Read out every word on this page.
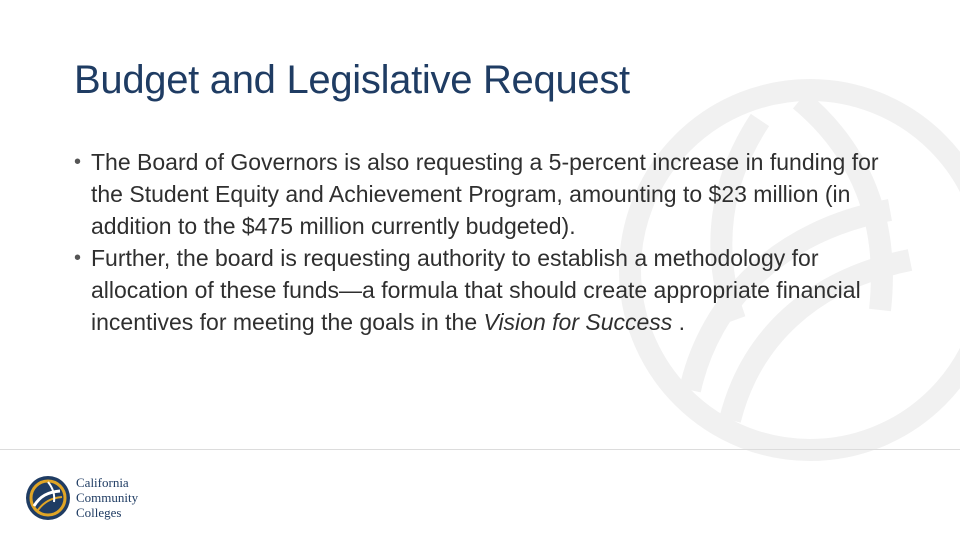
Budget and Legislative Request
• The Board of Governors is also requesting a 5-percent increase in funding for the Student Equity and Achievement Program, amounting to $23 million (in addition to the $475 million currently budgeted).
• Further, the board is requesting authority to establish a methodology for allocation of these funds—a formula that should create appropriate financial incentives for meeting the goals in the Vision for Success .
California
Community
Colleges
